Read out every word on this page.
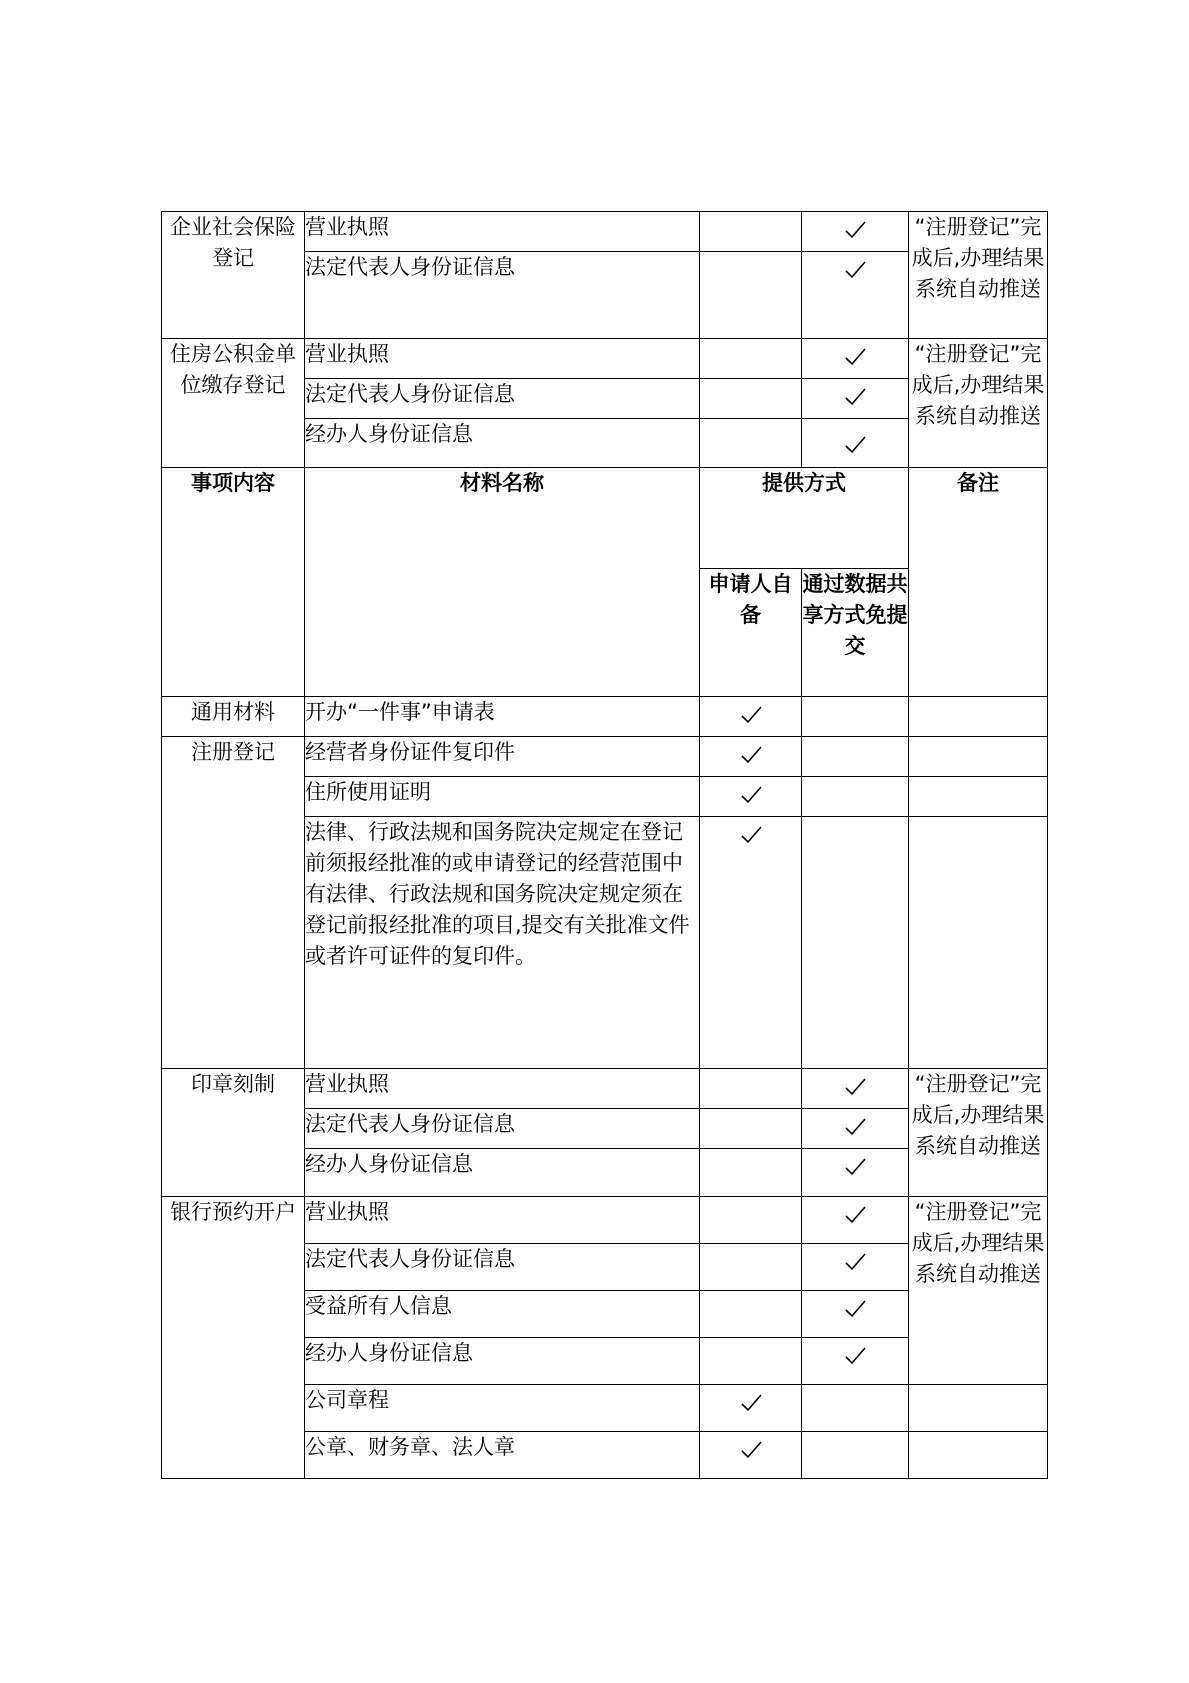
企业社会保险登记	营业执照			“注册登记”完成后,办理结果系统自动推送
	法定代表人身份证信息		

住房公积金单位缴存登记	营业执照			“注册登记”完成后,办理结果系统自动推送
	法定代表人身份证信息		

	经办人身份证信息		

事项内容	材料名称	提供方式		备注
		申请人自备	通过数据共享方式免提交	
通用材料	开办“一件事”申请表	

注册登记	经营者身份证件复印件	

	住所使用证明	

	法律、行政法规和国务院决定规定在登记前须报经批准的或申请登记的经营范围中有法律、行政法规和国务院决定规定须在登记前报经批准的项目,提交有关批准文件或者许可证件的复印件。	

印章刻制	营业执照			“注册登记”完成后,办理结果系统自动推送
	法定代表人身份证信息		

	经办人身份证信息		

银行预约开户	营业执照			“注册登记”完成后,办理结果系统自动推送
	法定代表人身份证信息		

	受益所有人信息		

	经办人身份证信息		

	公司章程	

	公章、财务章、法人章	
